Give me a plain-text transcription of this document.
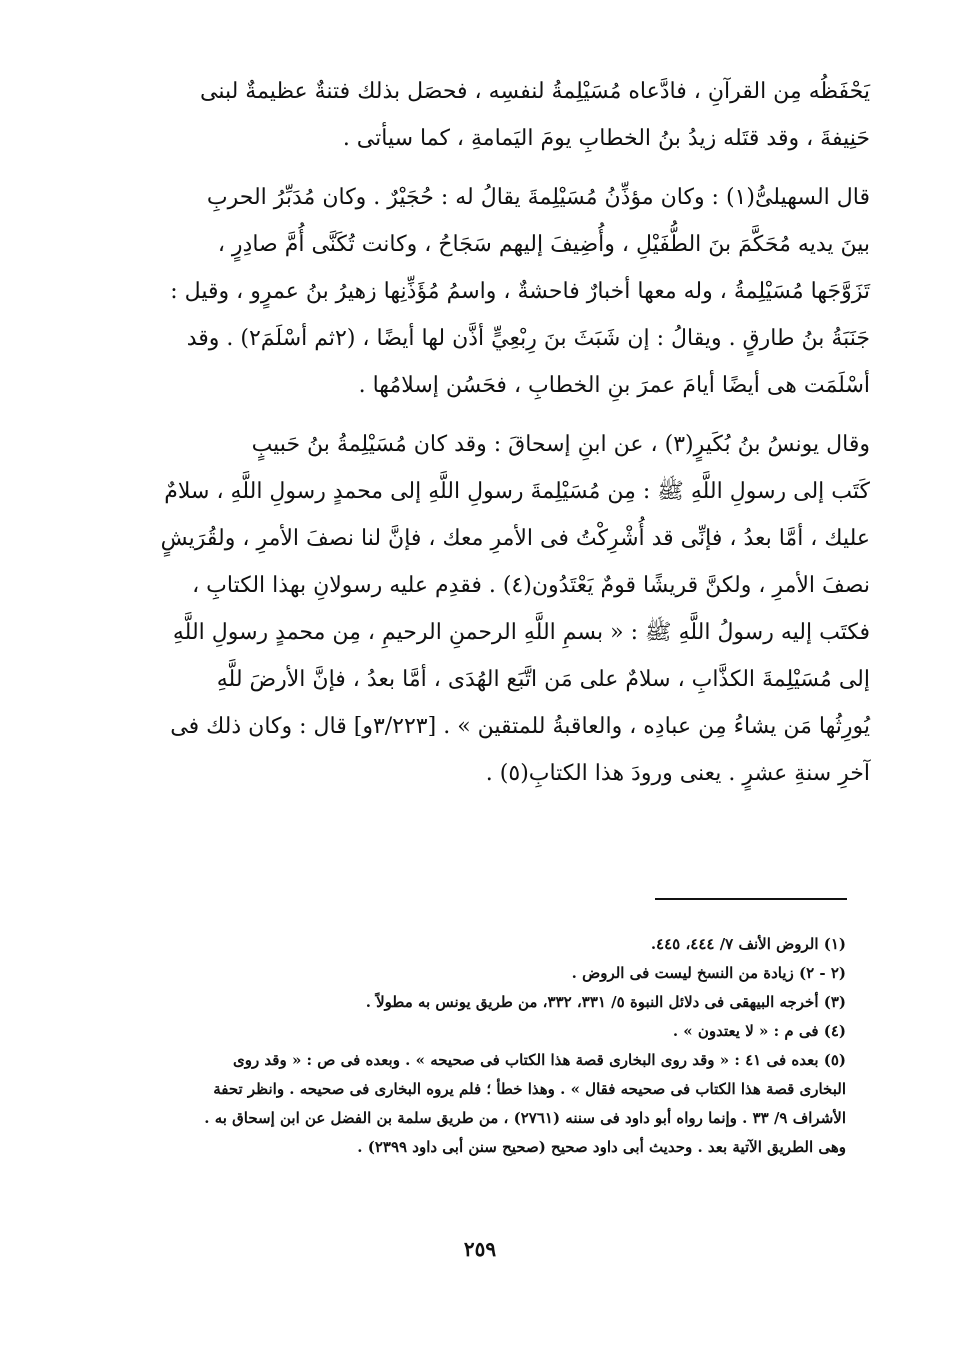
يَحْفَظُه مِن القرآنِ ، فادَّعاه مُسَيْلِمةُ لنفسِه ، فحصَل بذلك فتنةٌ عظيمةٌ لبنى
حَنِيفةَ ، وقد قتَله زيدُ بنُ الخطابِ يومَ اليَمامةِ ، كما سيأتى .

قال السهيلىُّ(١) : وكان مؤذِّنُ مُسَيْلِمةَ يقالُ له : حُجَيْرٌ . وكان مُدَبِّرُ الحربِ
بينَ يديه مُحَكَّمَ بنَ الطُّفَيْلِ ، وأُضِيفَ إليهم سَجَاحُ ، وكانت تُكَنَّى أُمَّ صادِرٍ ،
تَزَوَّجَها مُسَيْلِمةُ ، وله معها أخبارٌ فاحشةٌ ، واسمُ مُؤَذِّنِها زهيرُ بنُ عمرٍو ، وقيل :
جَنَبَةُ بنُ طارقٍ . ويقالُ : إن شَبَثَ بنَ رِبْعِيٍّ أذَّن لها أيضًا ، (٢ثم أسْلَمَ٢) . وقد
أسْلَمَت هى أيضًا أيامَ عمرَ بنِ الخطابِ ، فحَسُن إسلامُها .

وقال يونسُ بنُ بُكَيرٍ(٣) ، عن ابنِ إسحاقَ : وقد كان مُسَيْلِمةُ بنُ حَبيبٍ
كَتَب إلى رسولِ اللَّهِ ﷺ : مِن مُسَيْلِمةَ رسولِ اللَّهِ إلى محمدٍ رسولِ اللَّهِ ، سلامٌ
عليك ، أمَّا بعدُ ، فإنِّى قد أُشْرِكْتُ فى الأمرِ معك ، فإنَّ لنا نصفَ الأمرِ ، ولقُرَيشٍ
نصفَ الأمرِ ، ولكنَّ قريشًا قومٌ يَعْتَدُون(٤) . فقدِم عليه رسولانِ بهذا الكتابِ ،
فكتَب إليه رسولُ اللَّهِ ﷺ : « بسمِ اللَّهِ الرحمنِ الرحيمِ ، مِن محمدٍ رسولِ اللَّهِ
إلى مُسَيْلِمةَ الكذَّابِ ، سلامٌ على مَن اتَّبَع الهُدَى ، أمَّا بعدُ ، فإنَّ الأرضَ للَّهِ
يُورِثُها مَن يشاءُ مِن عبادِه ، والعاقبةُ للمتقين » . [٣/٢٢٣و] قال : وكان ذلك فى
آخرِ سنةِ عشرٍ . يعنى ورودَ هذا الكتابِ(٥) .

(١) الروض الأنف ٧/ ٤٤٤، ٤٤٥.

(٢ - ٢) زيادة من النسخ ليست فى الروض .

(٣) أخرجه البيهقى فى دلائل النبوة ٥/ ٣٣١، ٣٣٢، من طريق يونس به مطولاً .

(٤) فى م : « لا يعتدون » .

(٥) بعده فى ٤١ : « وقد روى البخارى قصة هذا الكتاب فى صحيحه » . وبعده فى ص : « وقد روى
البخارى قصة هذا الكتاب فى صحيحه فقال » . وهذا خطأ ؛ فلم يروه البخارى فى صحيحه . وانظر تحفة
الأشراف ٩/ ٣٣ . وإنما رواه أبو داود فى سننه (٢٧٦١) ، من طريق سلمة بن الفضل عن ابن إسحاق به .
وهى الطريق الآتية بعد . وحديث أبى داود صحيح (صحيح سنن أبى داود ٢٣٩٩) .

٢٥٩
